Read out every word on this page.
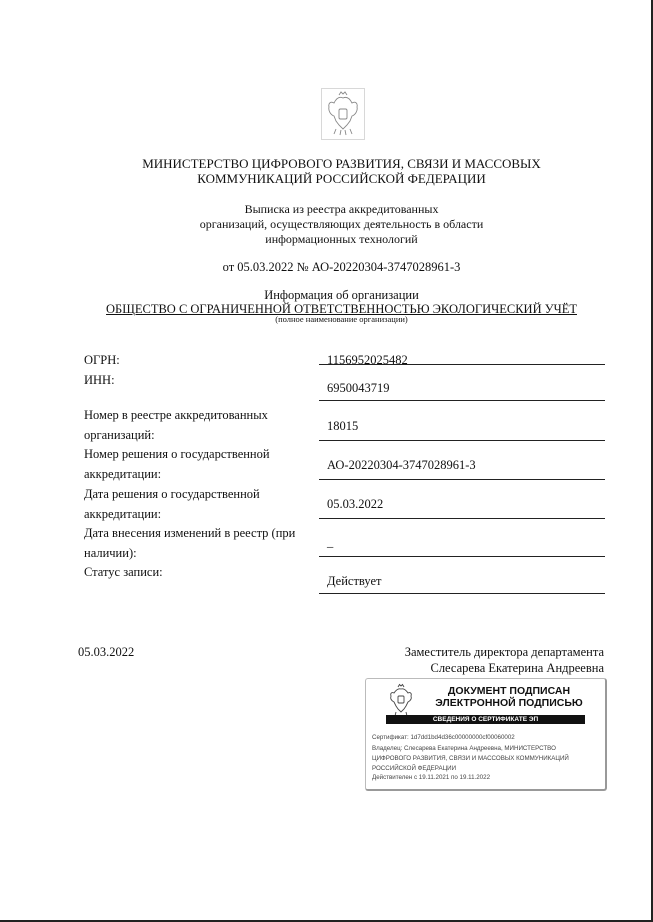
МИНИСТЕРСТВО ЦИФРОВОГО РАЗВИТИЯ, СВЯЗИ И МАССОВЫХ
КОММУНИКАЦИЙ РОССИЙСКОЙ ФЕДЕРАЦИИ
Выписка из реестра аккредитованных
организаций, осуществляющих деятельность в области
информационных технологий
от 05.03.2022 № АО-20220304-3747028961-3
Информация об организации
ОБЩЕСТВО С ОГРАНИЧЕННОЙ ОТВЕТСТВЕННОСТЬЮ ЭКОЛОГИЧЕСКИЙ УЧЁТ
(полное наименование организации)
ОГРН:	1156952025482
ИНН:
6950043719
Номер в реестре аккредитованных организаций:
18015
Номер решения о государственной аккредитации:
АО-20220304-3747028961-3
Дата решения о государственной аккредитации:
05.03.2022
Дата внесения изменений в реестр (при наличии):
_
Статус записи:
Действует
05.03.2022	Заместитель директора департамента
Слесарева Екатерина Андреевна
ДОКУМЕНТ ПОДПИСАН
ЭЛЕКТРОННОЙ ПОДПИСЬЮ
СВЕДЕНИЯ О СЕРТИФИКАТЕ ЭП
Сертификат: 1d7dd1bd4d36c00000000cf00060002
Владелец: Слесарева Екатерина Андреевна, МИНИСТЕРСТВО
ЦИФРОВОГО РАЗВИТИЯ, СВЯЗИ И МАССОВЫХ КОММУНИКАЦИЙ
РОССИЙСКОЙ ФЕДЕРАЦИИ
Действителен с 19.11.2021 по 19.11.2022
